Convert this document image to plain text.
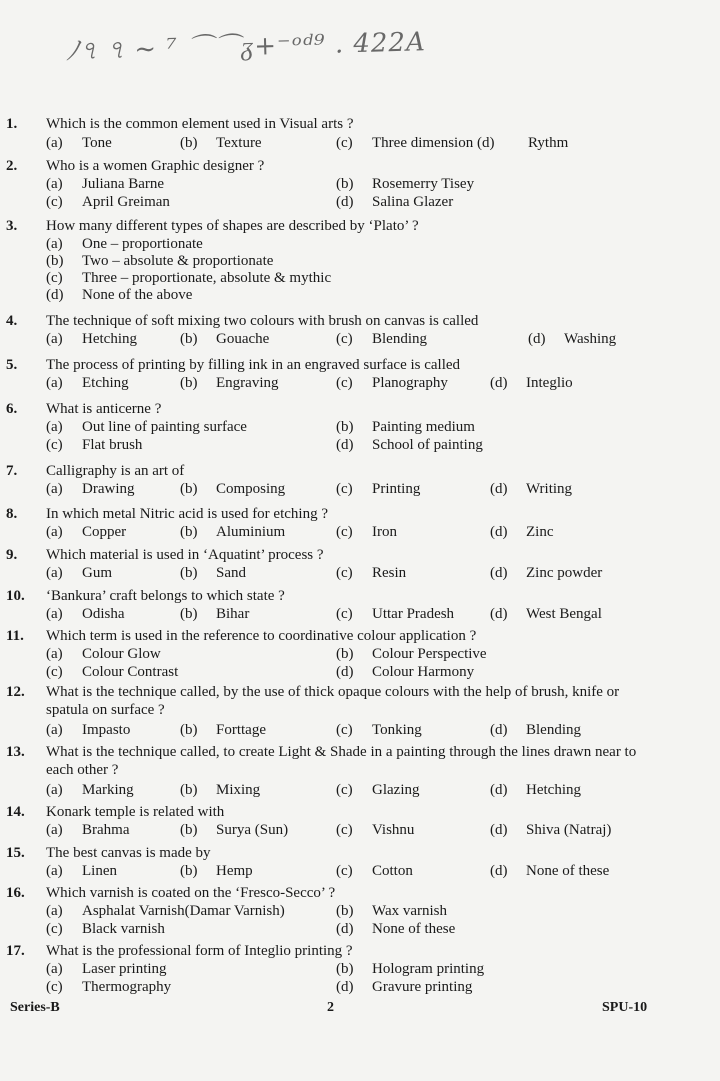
ﾉ৭ ৭ ~ ⁷ ⌒⌒ᵹ+⁻ᵒᵈ⁹ . 422A
1. Which is the common element used in Visual arts ?
(a) Tone	(b) Texture	(c) Three dimension (d) Rythm
2. Who is a women Graphic designer ?
(a) Juliana Barne	(b) Rosemerry Tisey
(c) April Greiman	(d) Salina Glazer
3. How many different types of shapes are described by ‘Plato’ ?
(a) One – proportionate
(b) Two – absolute & proportionate
(c) Three – proportionate, absolute & mythic
(d) None of the above
4. The technique of soft mixing two colours with brush on canvas is called
(a) Hetching	(b) Gouache	(c) Blending	(d) Washing
5. The process of printing by filling ink in an engraved surface is called
(a) Etching	(b) Engraving	(c) Planography	(d) Integlio
6. What is anticerne ?
(a) Out line of painting surface	(b) Painting medium
(c) Flat brush	(d) School of painting
7. Calligraphy is an art of
(a) Drawing	(b) Composing	(c) Printing	(d) Writing
8. In which metal Nitric acid is used for etching ?
(a) Copper	(b) Aluminium	(c) Iron	(d) Zinc
9. Which material is used in ‘Aquatint’ process ?
(a) Gum	(b) Sand	(c) Resin	(d) Zinc powder
10. ‘Bankura’ craft belongs to which state ?
(a) Odisha	(b) Bihar	(c) Uttar Pradesh (d) West Bengal
11. Which term is used in the reference to coordinative colour application ?
(a) Colour Glow	(b) Colour Perspective
(c) Colour Contrast	(d) Colour Harmony
12. What is the technique called, by the use of thick opaque colours with the help of brush, knife or spatula on surface ?
(a) Impasto	(b) Forttage	(c) Tonking	(d) Blending
13. What is the technique called, to create Light & Shade in a painting through the lines drawn near to each other ?
(a) Marking	(b) Mixing	(c) Glazing	(d) Hetching
14. Konark temple is related with
(a) Brahma	(b) Surya (Sun)	(c) Vishnu	(d) Shiva (Natraj)
15. The best canvas is made by
(a) Linen	(b) Hemp	(c) Cotton	(d) None of these
16. Which varnish is coated on the ‘Fresco-Secco’ ?
(a) Asphalat Varnish(Damar Varnish)	(b) Wax varnish
(c) Black varnish	(d) None of these
17. What is the professional form of Integlio printing ?
(a) Laser printing	(b) Hologram printing
(c) Thermography	(d) Gravure printing
Series-B	2	SPU-10
